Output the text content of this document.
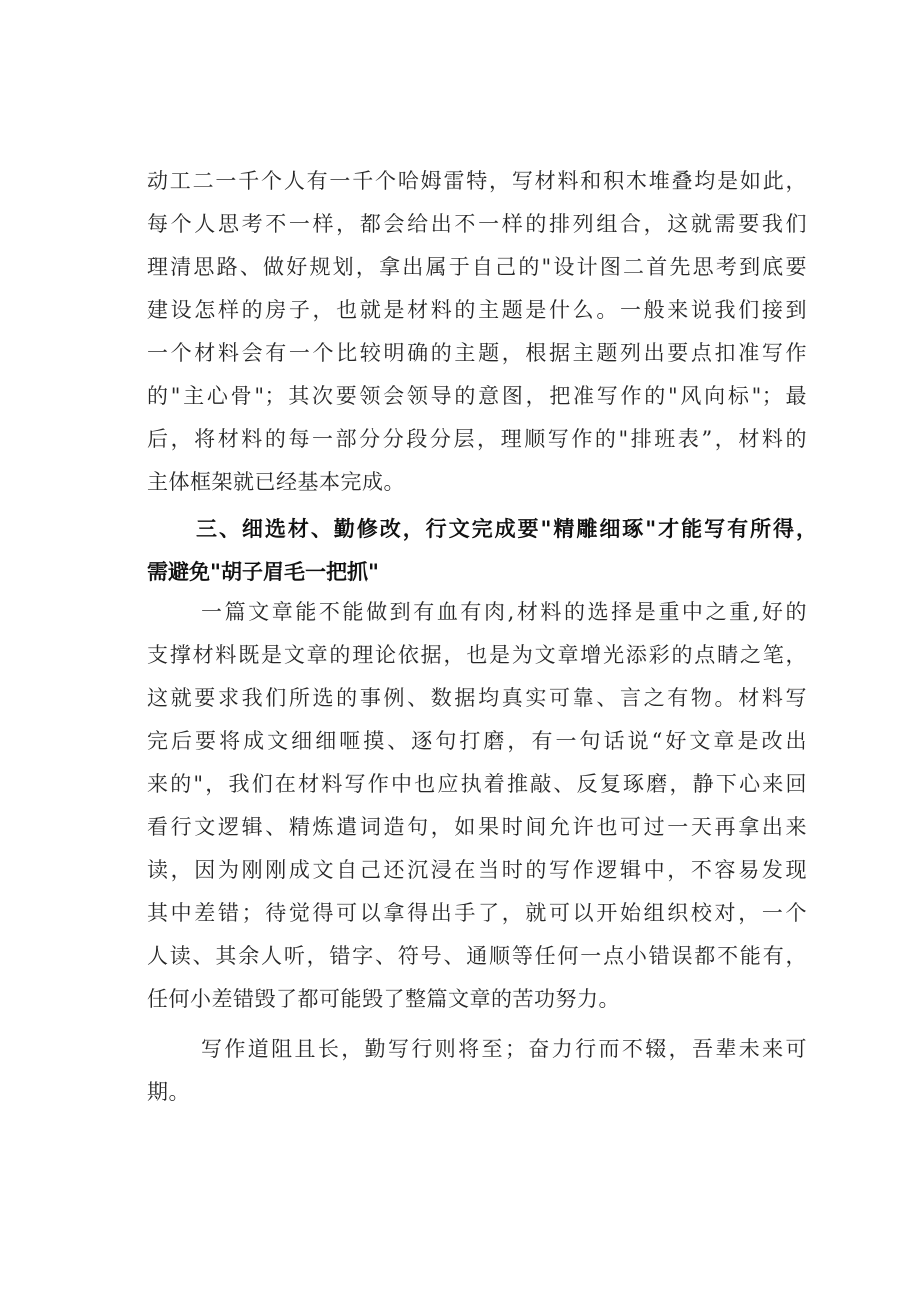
动工二一千个人有一千个哈姆雷特，写材料和积木堆叠均是如此，

每个人思考不一样，都会给出不一样的排列组合，这就需要我们

理清思路、做好规划，拿出属于自己的"设计图二首先思考到底要

建设怎样的房子，也就是材料的主题是什么。一般来说我们接到

一个材料会有一个比较明确的主题，根据主题列出要点扣准写作

的"主心骨"；其次要领会领导的意图，把准写作的"风向标"；最

后，将材料的每一部分分段分层，理顺写作的"排班表”，材料的

主体框架就已经基本完成。

三、细选材、勤修改，行文完成要"精雕细琢"才能写有所得，

需避免"胡子眉毛一把抓"

一篇文章能不能做到有血有肉,材料的选择是重中之重,好的

支撑材料既是文章的理论依据，也是为文章增光添彩的点睛之笔，

这就要求我们所选的事例、数据均真实可靠、言之有物。材料写

完后要将成文细细咂摸、逐句打磨，有一句话说“好文章是改出

来的"，我们在材料写作中也应执着推敲、反复琢磨，静下心来回

看行文逻辑、精炼遣词造句，如果时间允许也可过一天再拿出来

读，因为刚刚成文自己还沉浸在当时的写作逻辑中，不容易发现

其中差错；待觉得可以拿得出手了，就可以开始组织校对，一个

人读、其余人听，错字、符号、通顺等任何一点小错误都不能有，

任何小差错毁了都可能毁了整篇文章的苦功努力。

写作道阻且长，勤写行则将至；奋力行而不辍，吾辈未来可

期。
